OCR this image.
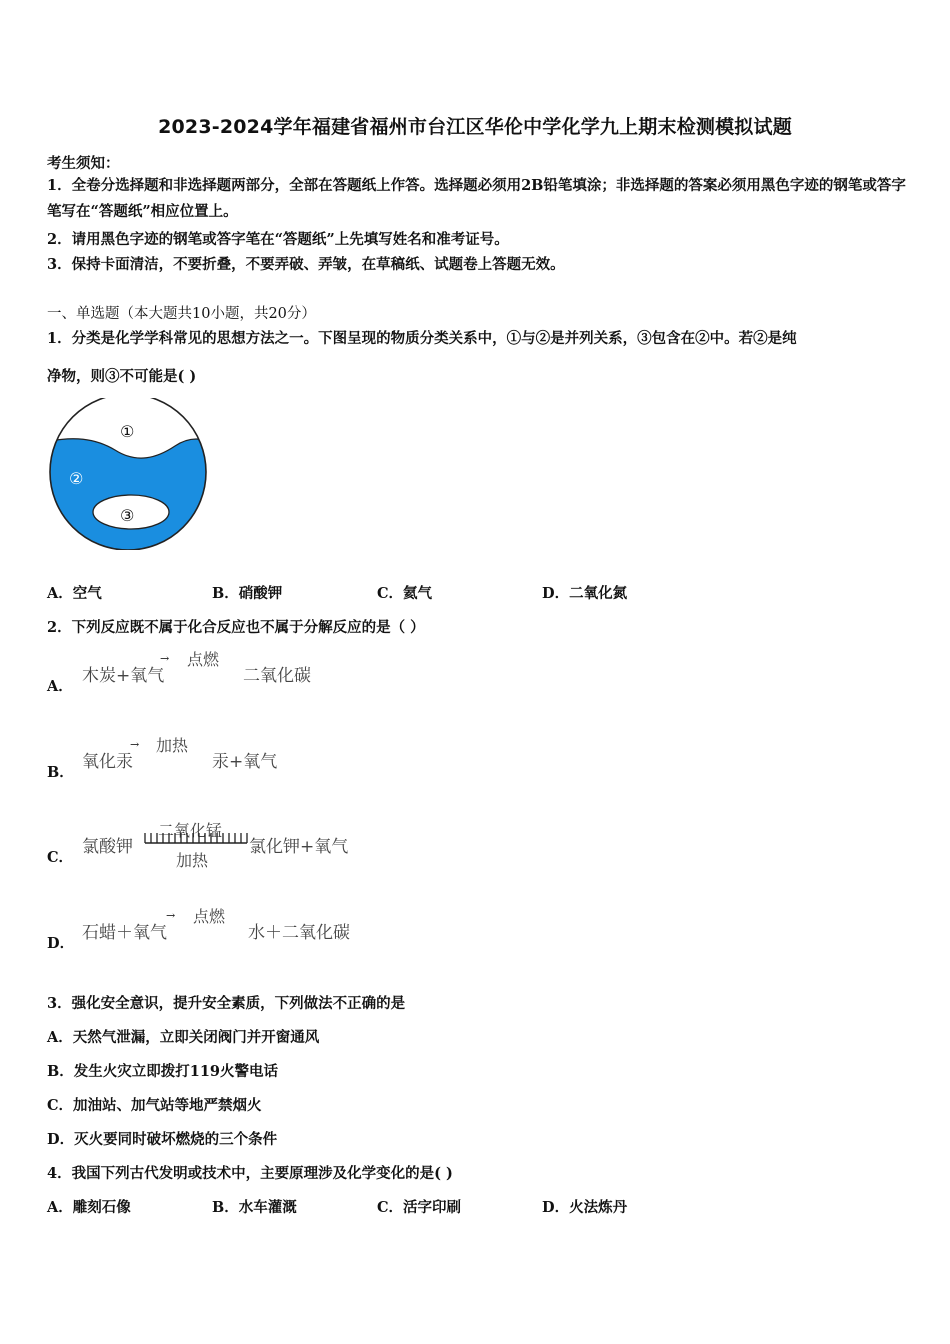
2023-2024学年福建省福州市台江区华伦中学化学九上期末检测模拟试题
考生须知：
1．全卷分选择题和非选择题两部分，全部在答题纸上作答。选择题必须用2B铅笔填涂；非选择题的答案必须用黑色字迹的钢笔或答字笔写在“答题纸”相应位置上。
2．请用黑色字迹的钢笔或答字笔在“答题纸”上先填写姓名和准考证号。
3．保持卡面清洁，不要折叠，不要弄破、弄皱，在草稿纸、试题卷上答题无效。
一、单选题（本大题共10小题，共20分）
1．分类是化学学科常见的思想方法之一。下图呈现的物质分类关系中，①与②是并列关系，③包含在②中。若②是纯
净物，则③不可能是( )
①
②
③
A．空气	B．硝酸钾	C．氦气	D．二氧化氮
2．下列反应既不属于化合反应也不属于分解反应的是（ ）
A．
木炭+氧气
→ 点燃
二氧化碳
B．
氧化汞
→ 加热
汞+氧气
C．
氯酸钾
二氧化锰
加热
氯化钾+氧气
D．
石蜡＋氧气
→ 点燃
水＋二氧化碳
3．强化安全意识，提升安全素质，下列做法不正确的是
A．天然气泄漏，立即关闭阀门并开窗通风
B．发生火灾立即拨打119火警电话
C．加油站、加气站等地严禁烟火
D．灭火要同时破坏燃烧的三个条件
4．我国下列古代发明或技术中，主要原理涉及化学变化的是( )
A．雕刻石像	B．水车灌溉	C．活字印刷	D．火法炼丹
